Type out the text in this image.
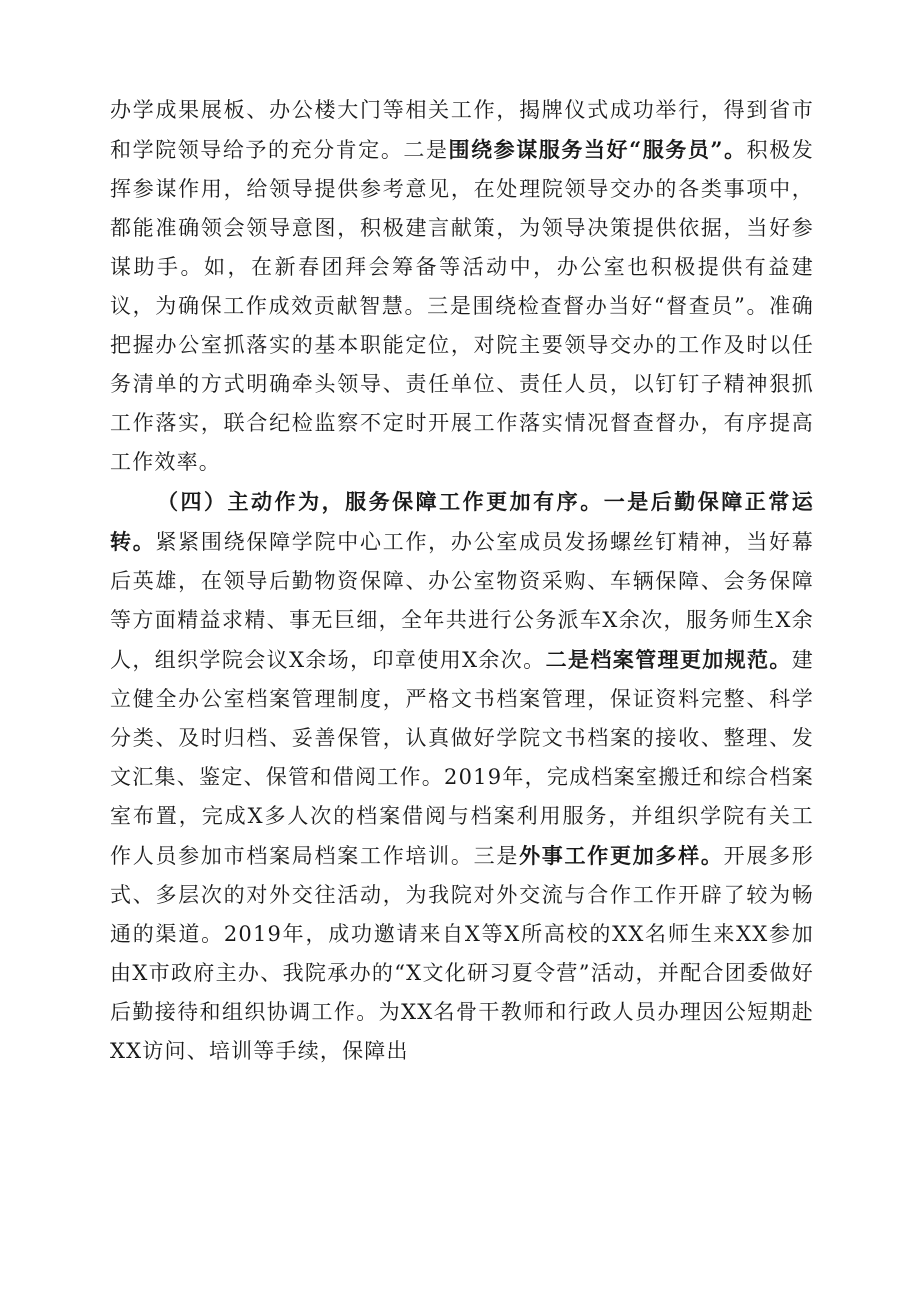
办学成果展板、办公楼大门等相关工作，揭牌仪式成功举行，得到省市和学院领导给予的充分肯定。二是围绕参谋服务当好“服务员”。积极发挥参谋作用，给领导提供参考意见，在处理院领导交办的各类事项中，都能准确领会领导意图，积极建言献策，为领导决策提供依据，当好参谋助手。如，在新春团拜会筹备等活动中，办公室也积极提供有益建议，为确保工作成效贡献智慧。三是围绕检查督办当好“督查员”。准确把握办公室抓落实的基本职能定位，对院主要领导交办的工作及时以任务清单的方式明确牵头领导、责任单位、责任人员，以钉钉子精神狠抓工作落实，联合纪检监察不定时开展工作落实情况督查督办，有序提高工作效率。

（四）主动作为，服务保障工作更加有序。一是后勤保障正常运转。紧紧围绕保障学院中心工作，办公室成员发扬螺丝钉精神，当好幕后英雄，在领导后勤物资保障、办公室物资采购、车辆保障、会务保障等方面精益求精、事无巨细，全年共进行公务派车X余次，服务师生X余人，组织学院会议X余场，印章使用X余次。二是档案管理更加规范。建立健全办公室档案管理制度，严格文书档案管理，保证资料完整、科学分类、及时归档、妥善保管，认真做好学院文书档案的接收、整理、发文汇集、鉴定、保管和借阅工作。2019年，完成档案室搬迁和综合档案室布置，完成X多人次的档案借阅与档案利用服务，并组织学院有关工作人员参加市档案局档案工作培训。三是外事工作更加多样。开展多形式、多层次的对外交往活动，为我院对外交流与合作工作开辟了较为畅通的渠道。2019年，成功邀请来自X等X所高校的XX名师生来XX参加由X市政府主办、我院承办的“X文化研习夏令营”活动，并配合团委做好后勤接待和组织协调工作。为XX名骨干教师和行政人员办理因公短期赴XX访问、培训等手续，保障出
